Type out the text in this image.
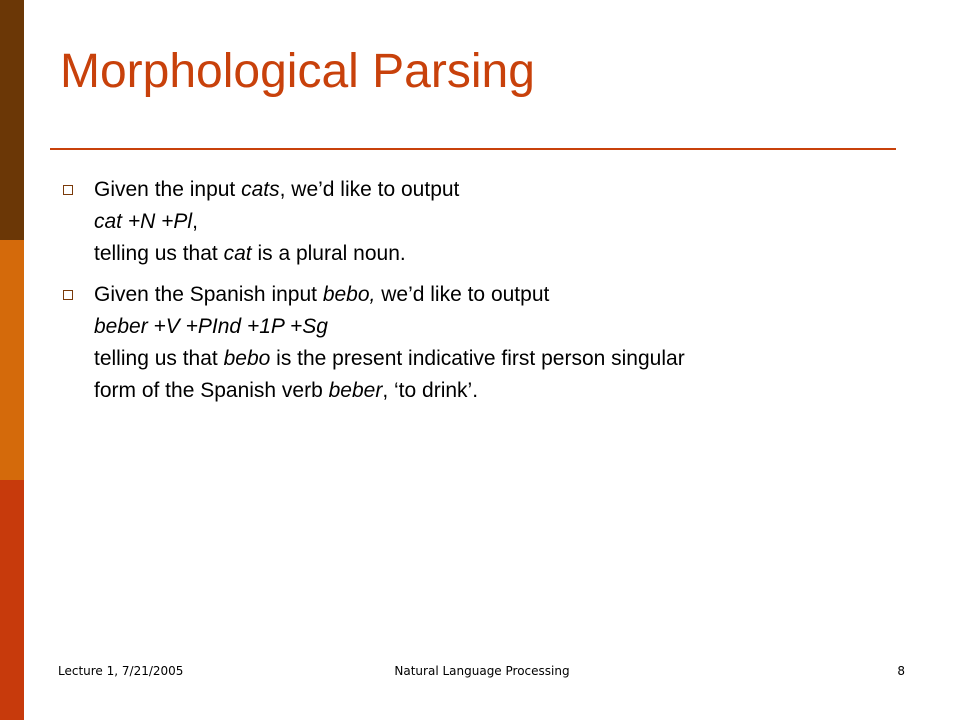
Morphological Parsing
Given the input cats, we’d like to output
cat +N +Pl,
telling us that cat is a plural noun.
Given the Spanish input bebo, we’d like to output
beber +V +PInd +1P +Sg
telling us that bebo is the present indicative first person singular
form of the Spanish verb beber, ‘to drink’.
Lecture 1, 7/21/2005	Natural Language Processing	8
